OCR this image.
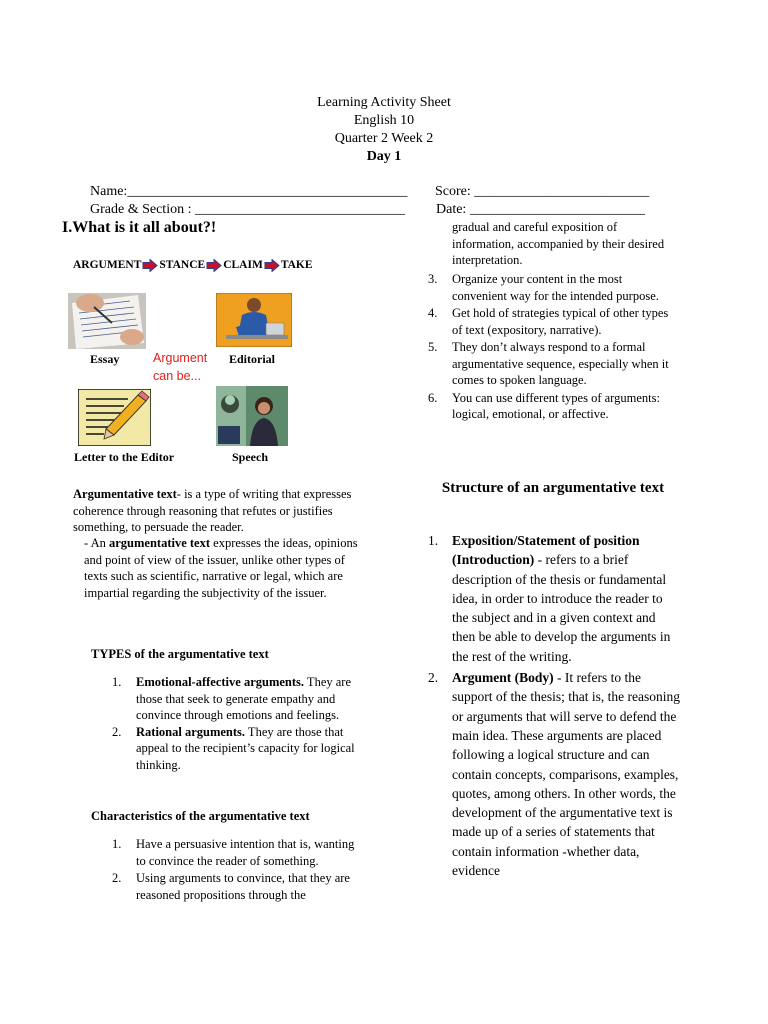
Learning Activity Sheet
English 10
Quarter 2 Week 2
Day 1
Name:________________________________________ Score: _________________________
Grade & Section : ______________________________ Date: _________________________
I.What is it all about?!
ARGUMENT STANCE CLAIM TAKE
Essay	Argument
can be...
Editorial
Letter to the Editor	Speech
Argumentative text- is a type of writing that expresses coherence through reasoning that refutes or justifies something, to persuade the reader.
- An argumentative text expresses the ideas, opinions and point of view of the issuer, unlike other types of texts such as scientific, narrative or legal, which are impartial regarding the subjectivity of the issuer.
TYPES of the argumentative text
1. Emotional-affective arguments. They are those that seek to generate empathy and convince through emotions and feelings.
2. Rational arguments. They are those that appeal to the recipient’s capacity for logical thinking.
Characteristics of the argumentative text
1. Have a persuasive intention that is, wanting to convince the reader of something.
2. Using arguments to convince, that they are reasoned propositions through the
gradual and careful exposition of information, accompanied by their desired interpretation.
3. Organize your content in the most convenient way for the intended purpose.
4. Get hold of strategies typical of other types of text (expository, narrative).
5. They don’t always respond to a formal argumentative sequence, especially when it comes to spoken language.
6. You can use different types of arguments: logical, emotional, or affective.
Structure of an argumentative text
1. Exposition/Statement of position (Introduction) - refers to a brief description of the thesis or fundamental idea, in order to introduce the reader to the subject and in a given context and then be able to develop the arguments in the rest of the writing.
2. Argument (Body) - It refers to the support of the thesis; that is, the reasoning or arguments that will serve to defend the main idea. These arguments are placed following a logical structure and can contain concepts, comparisons, examples, quotes, among others. In other words, the development of the argumentative text is made up of a series of statements that contain information -whether data, evidence
